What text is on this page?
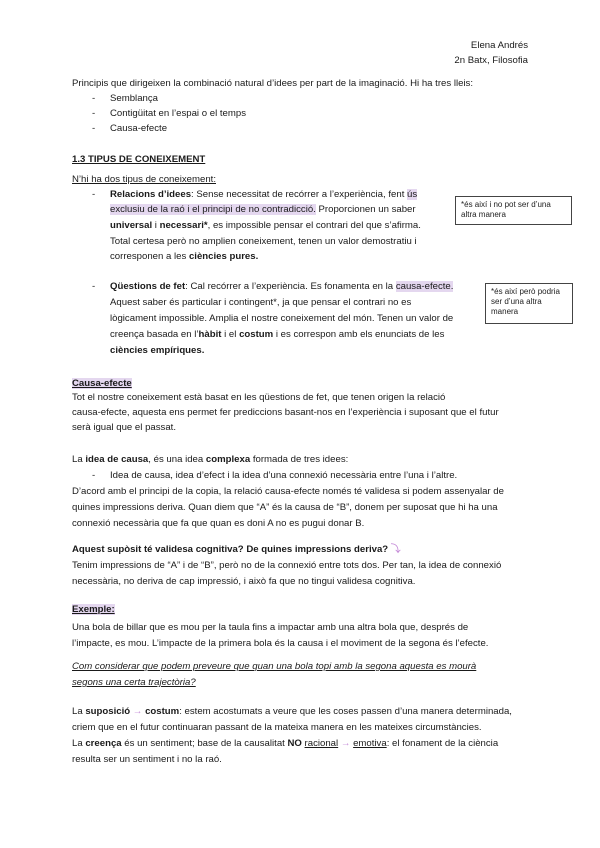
Elena Andrés
2n Batx, Filosofia
Principis que dirigeixen la combinació natural d’idees per part de la imaginació. Hi ha tres lleis:
- Semblança
- Contigüitat en l’espai o el temps
- Causa-efecte
1.3 TIPUS DE CONEIXEMENT
N’hi ha dos tipus de coneixement:
- Relacions d’idees: Sense necessitat de recórrer a l’experiència, fent ús
exclusiu de la raó i el principi de no contradicció. Proporcionen un saber
universal i necessari*, es impossible pensar el contrari del que s’afirma.
Total certesa però no amplien coneixement, tenen un valor demostratiu i
corresponen a les ciències pures.
*és així i no pot ser d’una altra manera
- Qüestions de fet: Cal recórrer a l’experiència. Es fonamenta en la causa-efecte.
Aquest saber és particular i contingent*, ja que pensar el contrari no es
lògicament impossible. Amplia el nostre coneixement del món. Tenen un valor de
creença basada en l’hàbit i el costum i es correspon amb els enunciats de les
ciències empíriques.
*és així però podria ser d’una altra manera
Causa-efecte
Tot el nostre coneixement està basat en les qüestions de fet, que tenen origen la relació
causa-efecte, aquesta ens permet fer prediccions basant-nos en l’experiència i suposant que el futur
serà igual que el passat.
La idea de causa, és una idea complexa formada de tres idees:
- Idea de causa, idea d’efect i la idea d’una connexió necessària entre l’una i l’altre.
D’acord amb el principi de la copia, la relació causa-efecte només té validesa si podem assenyalar de
quines impressions deriva. Quan diem que “A” és la causa de “B”, donem per suposat que hi ha una
connexió necessària que fa que quan es doni A no es pugui donar B.
Aquest supòsit té validesa cognitiva? De quines impressions deriva? ⤵
Tenim impressions de “A” i de “B”, però no de la connexió entre tots dos. Per tan, la idea de connexió
necessària, no deriva de cap impressió, i això fa que no tingui validesa cognitiva.
Exemple:
Una bola de billar que es mou per la taula fins a impactar amb una altra bola que, després de
l’impacte, es mou. L’impacte de la primera bola és la causa i el moviment de la segona és l’efecte.
Com considerar que podem preveure que quan una bola topi amb la segona aquesta es mourà
segons una certa trajectòria?
La suposició → costum: estem acostumats a veure que les coses passen d’una manera determinada,
criem que en el futur continuaran passant de la mateixa manera en les mateixes circumstàncies.
La creença és un sentiment; base de la causalitat NO racional → emotiva: el fonament de la ciència
resulta ser un sentiment i no la raó.
